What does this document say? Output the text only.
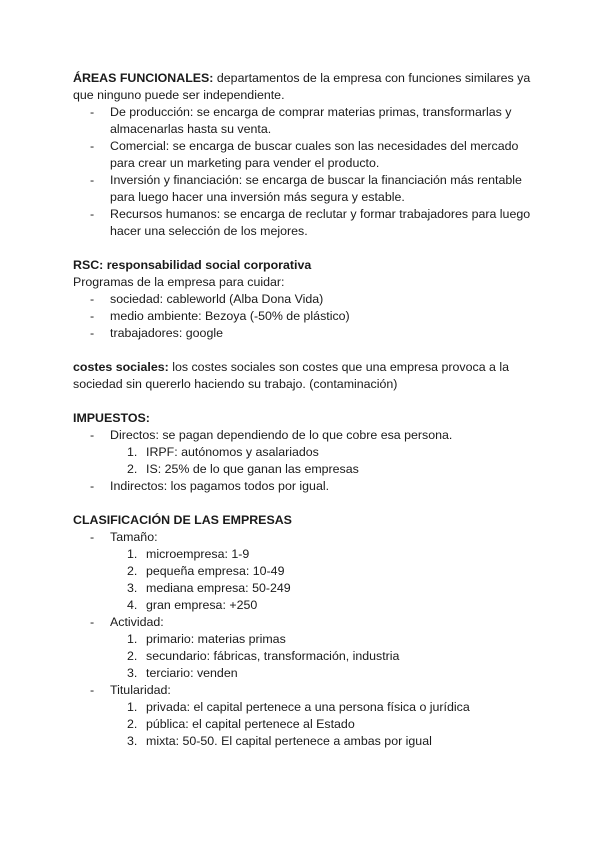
ÁREAS FUNCIONALES: departamentos de la empresa con funciones similares ya que ninguno puede ser independiente.

- De producción: se encarga de comprar materias primas, transformarlas y almacenarlas hasta su venta.
- Comercial: se encarga de buscar cuales son las necesidades del mercado para crear un marketing para vender el producto.
- Inversión y financiación: se encarga de buscar la financiación más rentable para luego hacer una inversión más segura y estable.
- Recursos humanos: se encarga de reclutar y formar trabajadores para luego hacer una selección de los mejores.

RSC: responsabilidad social corporativa

Programas de la empresa para cuidar:

- sociedad: cableworld (Alba Dona Vida)
- medio ambiente: Bezoya (-50% de plástico)
- trabajadores: google

costes sociales: los costes sociales son costes que una empresa provoca a la sociedad sin quererlo haciendo su trabajo. (contaminación)

IMPUESTOS:

- Directos: se pagan dependiendo de lo que cobre esa persona.
1. IRPF: autónomos y asalariados
2. IS: 25% de lo que ganan las empresas
- Indirectos: los pagamos todos por igual.

CLASIFICACIÓN DE LAS EMPRESAS

- Tamaño:
1. microempresa: 1-9
2. pequeña empresa: 10-49
3. mediana empresa: 50-249
4. gran empresa: +250
- Actividad:
1. primario: materias primas
2. secundario: fábricas, transformación, industria
3. terciario: venden
- Titularidad:
1. privada: el capital pertenece a una persona física o jurídica
2. pública: el capital pertenece al Estado
3. mixta: 50-50. El capital pertenece a ambas por igual
